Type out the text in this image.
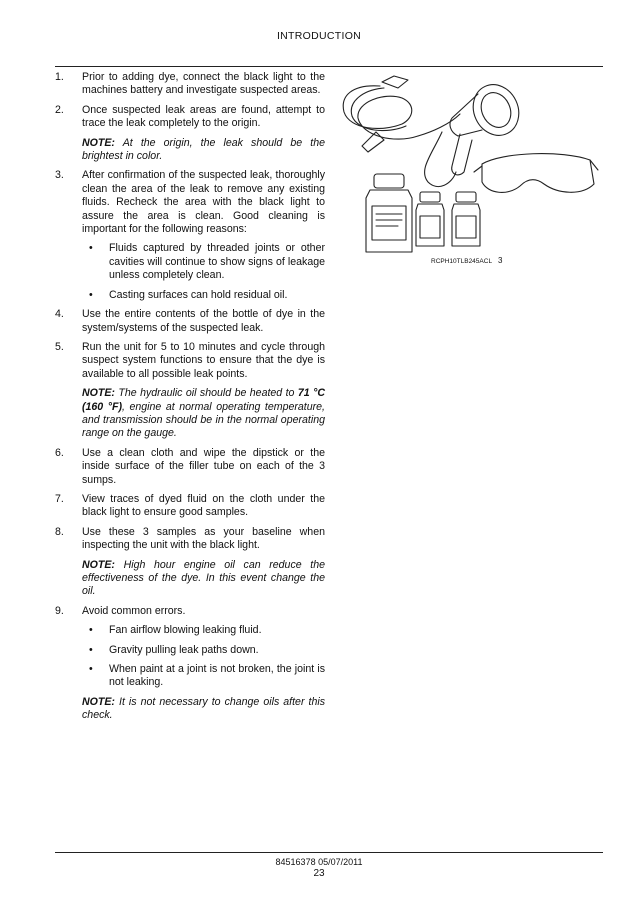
INTRODUCTION
1. Prior to adding dye, connect the black light to the machines battery and investigate suspected areas.
2. Once suspected leak areas are found, attempt to trace the leak completely to the origin.
NOTE: At the origin, the leak should be the brightest in color.
3. After confirmation of the suspected leak, thoroughly clean the area of the leak to remove any existing fluids. Recheck the area with the black light to assure the area is clean. Good cleaning is important for the following reasons:
• Fluids captured by threaded joints or other cavities will continue to show signs of leakage unless completely clean.
• Casting surfaces can hold residual oil.
4. Use the entire contents of the bottle of dye in the system/systems of the suspected leak.
5. Run the unit for 5 to 10 minutes and cycle through suspect system functions to ensure that the dye is available to all possible leak points.
NOTE: The hydraulic oil should be heated to 71 °C (160 °F), engine at normal operating temperature, and transmission should be in the normal operating range on the gauge.
6. Use a clean cloth and wipe the dipstick or the inside surface of the filler tube on each of the 3 sumps.
7. View traces of dyed fluid on the cloth under the black light to ensure good samples.
8. Use these 3 samples as your baseline when inspecting the unit with the black light.
NOTE: High hour engine oil can reduce the effectiveness of the dye. In this event change the oil.
9. Avoid common errors.
• Fan airflow blowing leaking fluid.
• Gravity pulling leak paths down.
• When paint at a joint is not broken, the joint is not leaking.
NOTE: It is not necessary to change oils after this check.
RCPH10TLB245ACL 3
84516378 05/07/2011
23
